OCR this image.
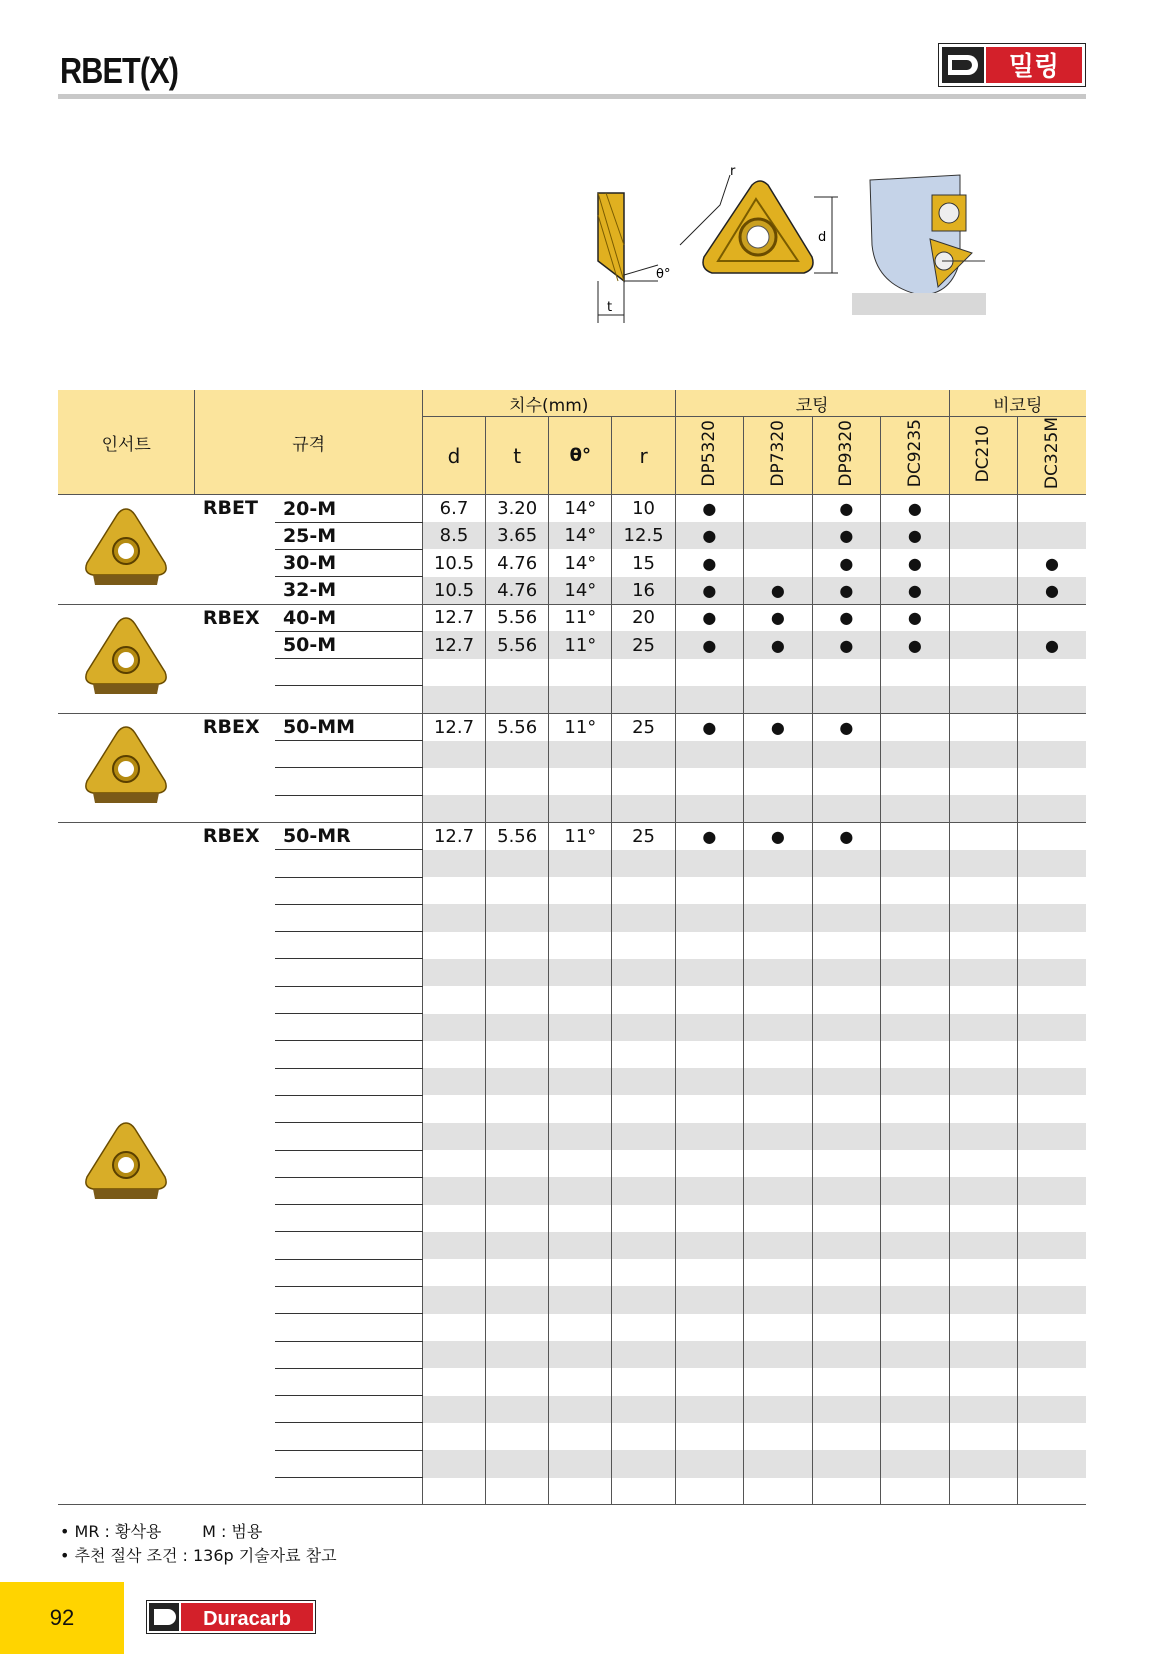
RBET(X)	밀링
t
θ°
d
r
인서트	규격		치수(mm)				코팅				비코팅	
			d	t	θ°	r	DP5320	DP7320	DP9320	DC9235	DC210	DC325M
	RBET	20-M	6.7	3.20	14°	10	●		●	●		
		25-M	8.5	3.65	14°	12.5	●		●	●		
		30-M	10.5	4.76	14°	15	●		●	●		●
		32-M	10.5	4.76	14°	16	●	●	●	●		●
	RBEX	40-M	12.7	5.56	11°	20	●	●	●	●		
		50-M	12.7	5.56	11°	25	●	●	●	●		●

	RBEX	50-MM	12.7	5.56	11°	25	●	●	●			

	RBEX	50-MR	12.7	5.56	11°	25	●	●	●			

• MR : 황삭용        M : 범용
• 추천 절삭 조건 : 136p 기술자료 참고
92	Duracarb
